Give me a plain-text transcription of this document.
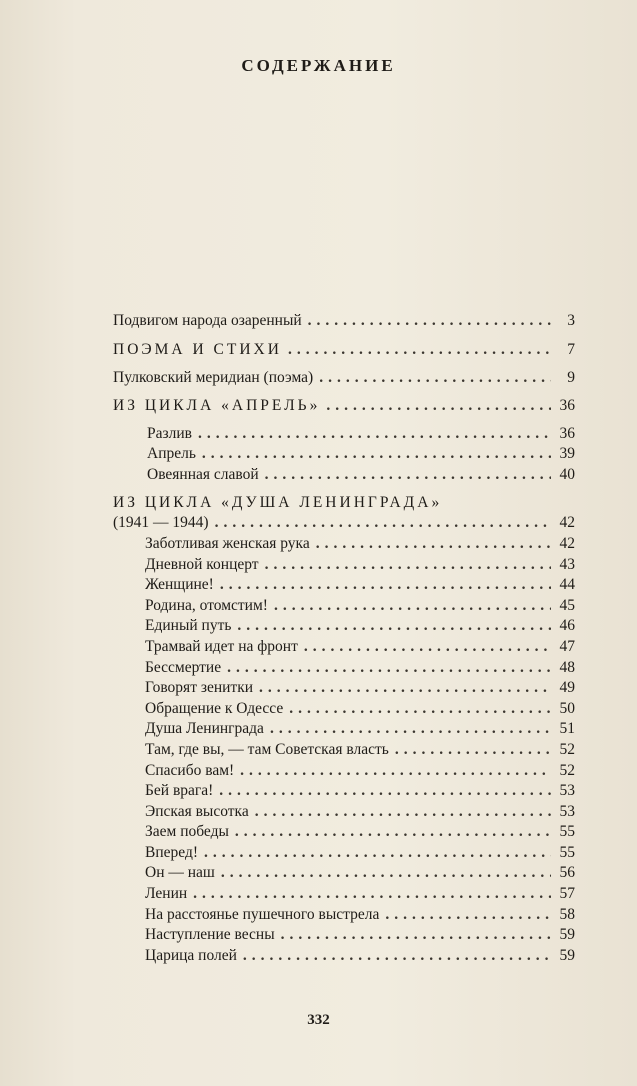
СОДЕРЖАНИЕ
Подвигом народа озаренный .....	3
ПОЭМА И СТИХИ .....	7
Пулковский меридиан (поэма) .....	9
ИЗ ЦИКЛА «АПРЕЛЬ» .....	36
Разлив .....	36
Апрель .....	39
Овеянная славой .....	40
ИЗ ЦИКЛА «ДУША ЛЕНИНГРАДА»
(1941 — 1944) .....	42
Заботливая женская рука .....	42
Дневной концерт .....	43
Женщине! .....	44
Родина, отомстим! .....	45
Единый путь .....	46
Трамвай идет на фронт .....	47
Бессмертие .....	48
Говорят зенитки .....	49
Обращение к Одессе .....	50
Душа Ленинграда .....	51
Там, где вы, — там Советская власть .....	52
Спасибо вам! .....	52
Бей врага! .....	53
Эпская высотка .....	53
Заем победы .....	55
Вперед! .....	55
Он — наш .....	56
Ленин .....	57
На расстоянье пушечного выстрела .....	58
Наступление весны .....	59
Царица полей .....	59
332
